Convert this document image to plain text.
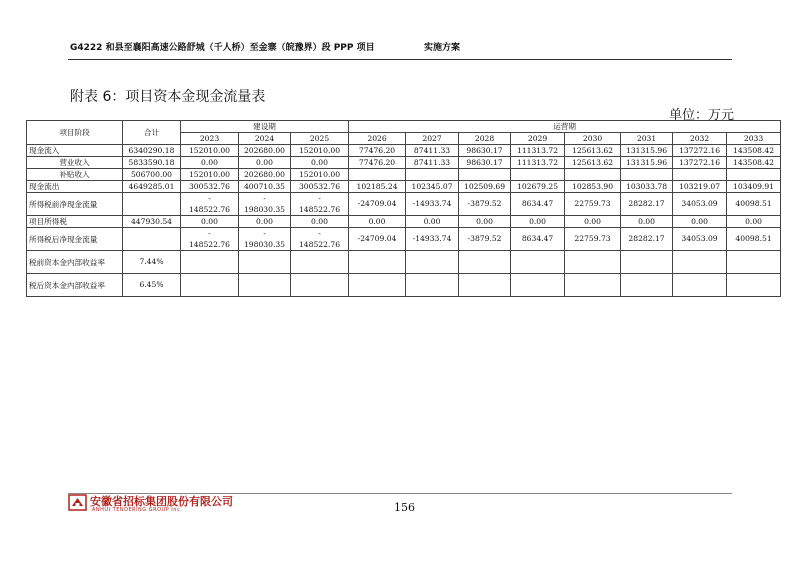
G4222 和县至襄阳高速公路舒城（千人桥）至金寨（皖豫界）段 PPP 项目	实施方案
附表 6：项目资本金现金流量表
单位：万元
项目阶段	合计	建设期			运营期							
		2023	2024	2025	2026	2027	2028	2029	2030	2031	2032	2033
现金流入	6340290.18	152010.00	202680.00	152010.00	77476.20	87411.33	98630.17	111313.72	125613.62	131315.96	137272.16	143508.42
营业收入	5833590.18	0.00	0.00	0.00	77476.20	87411.33	98630.17	111313.72	125613.62	131315.96	137272.16	143508.42
补贴收入	506700.00	152010.00	202680.00	152010.00								
现金流出	4649285.01	300532.76	400710.35	300532.76	102185.24	102345.07	102509.69	102679.25	102853.90	103033.78	103219.07	103409.91
所得税前净现金流量		-
148522.76	-
198030.35	-
148522.76	-24709.04	-14933.74	-3879.52	8634.47	22759.73	28282.17	34053.09	40098.51
项目所得税	447930.54	0.00	0.00	0.00	0.00	0.00	0.00	0.00	0.00	0.00	0.00	0.00
所得税后净现金流量		-
148522.76	-
198030.35	-
148522.76	-24709.04	-14933.74	-3879.52	8634.47	22759.73	28282.17	34053.09	40098.51
税前资本金内部收益率	7.44%											
税后资本金内部收益率	6.45%											
安徽省招标集团股份有限公司
ANHUI TENDERING GROUP Inc.	156
